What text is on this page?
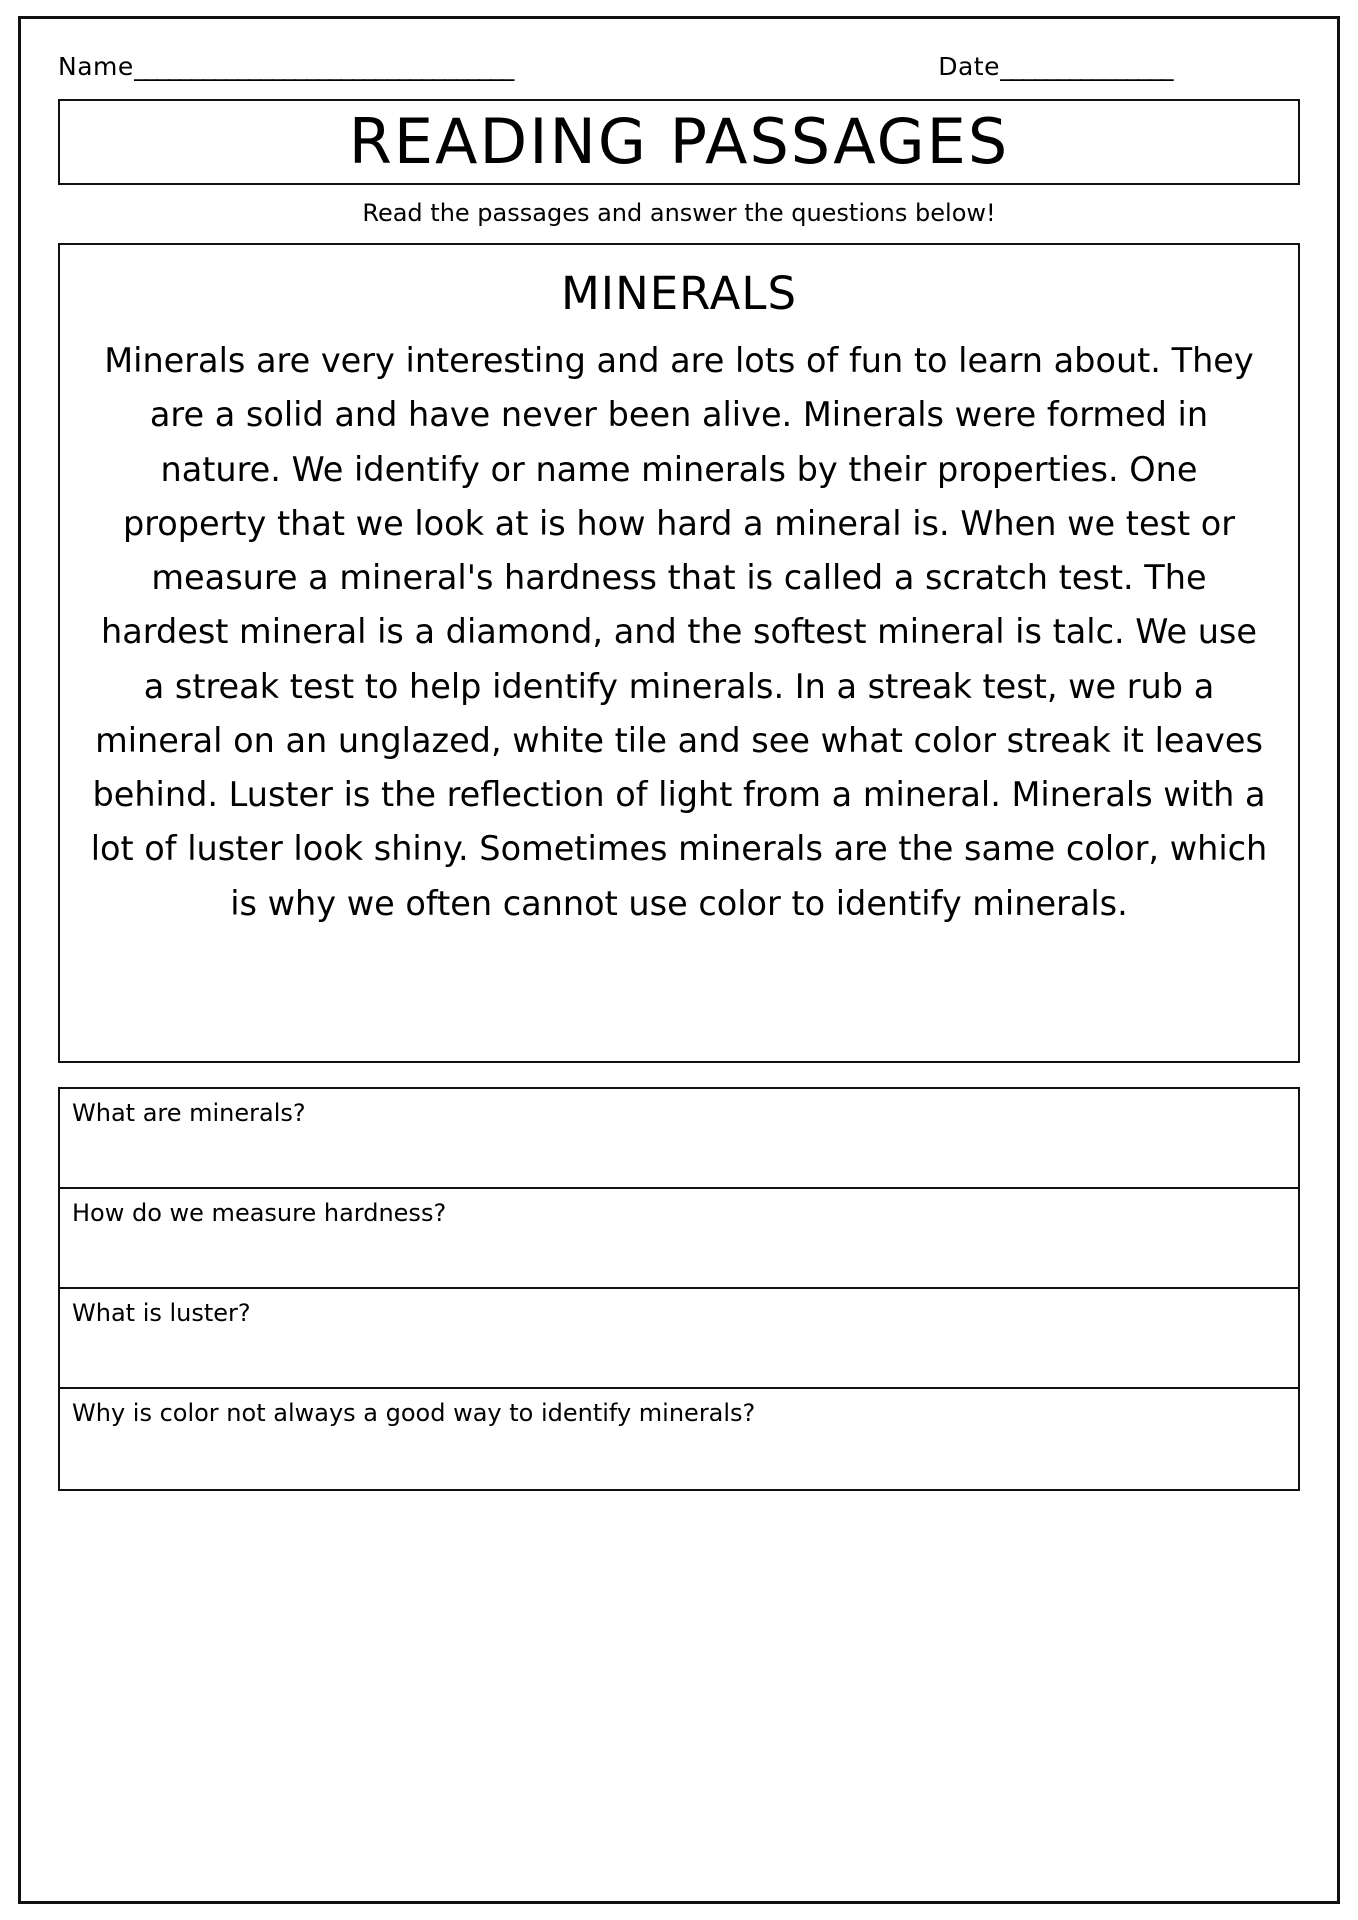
Name _________________________________	Date _______________
READING PASSAGES
Read the passages and answer the questions below!
MINERALS
Minerals are very interesting and are lots of fun to learn about. They are a solid and have never been alive. Minerals were formed in nature. We identify or name minerals by their properties. One property that we look at is how hard a mineral is. When we test or measure a mineral's hardness that is called a scratch test. The hardest mineral is a diamond, and the softest mineral is talc. We use a streak test to help identify minerals. In a streak test, we rub a mineral on an unglazed, white tile and see what color streak it leaves behind. Luster is the reflection of light from a mineral. Minerals with a lot of luster look shiny. Sometimes minerals are the same color, which is why we often cannot use color to identify minerals.
What are minerals?
How do we measure hardness?
What is luster?
Why is color not always a good way to identify minerals?
